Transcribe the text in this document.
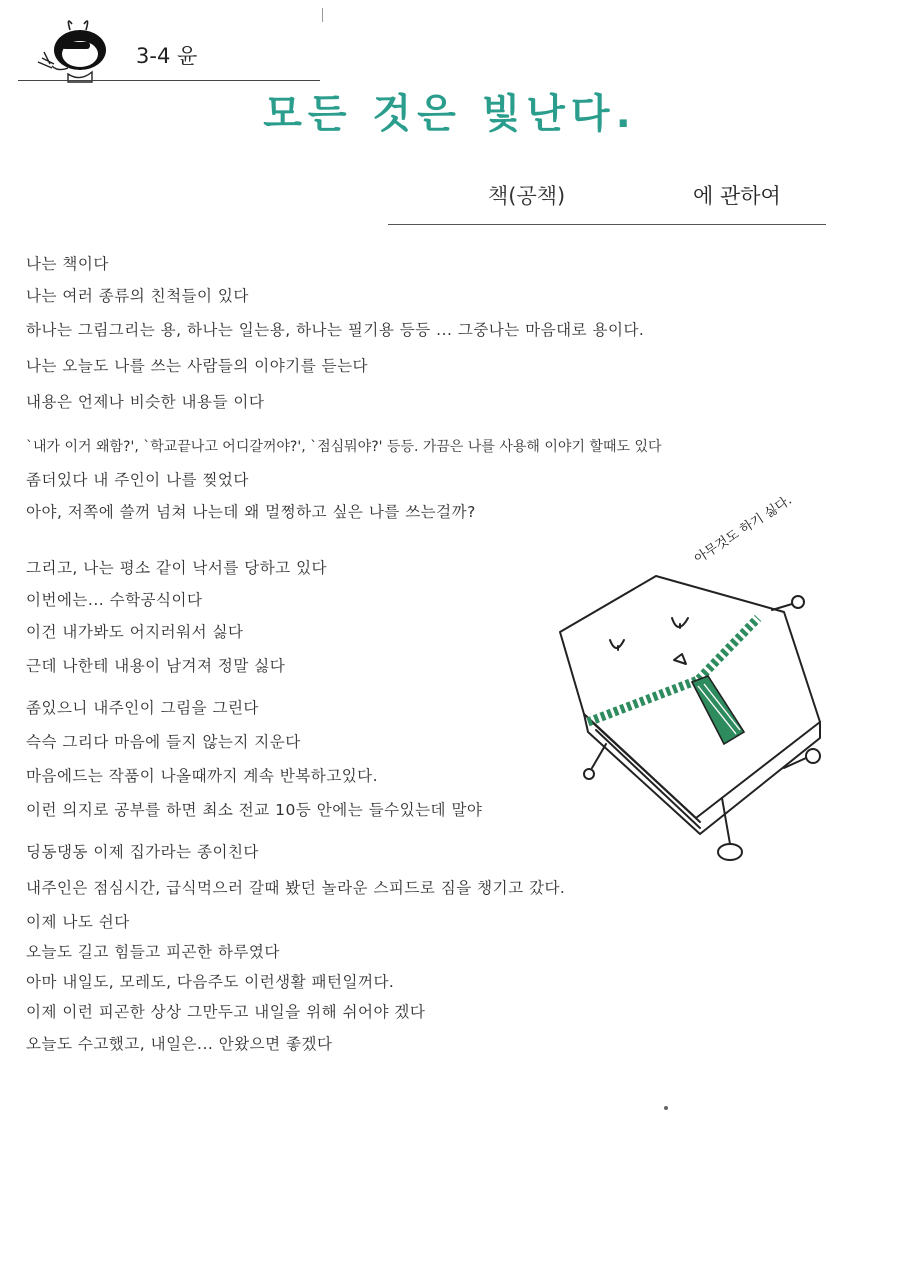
3-4 윤
모든 것은 빛난다.
책(공책)	에 관하여
나는 책이다
나는 여러 종류의 친척들이 있다
하나는 그림그리는 용, 하나는 일는용, 하나는 필기용 등등 ... 그중나는 마음대로 용이다.
나는 오늘도 나를 쓰는 사람들의 이야기를 듣는다
내용은 언제나 비슷한 내용들 이다
`내가 이거 왜함?', `학교끝나고 어디갈꺼야?', `점심뭐야?' 등등. 가끔은 나를 사용해 이야기 할때도 있다
좀더있다 내 주인이 나를 찢었다
아야, 저쪽에 쓸꺼 넘쳐 나는데 왜 멀쩡하고 싶은 나를 쓰는걸까?
그리고, 나는 평소 같이 낙서를 당하고 있다
이번에는... 수학공식이다
이건 내가봐도 어지러워서 싫다
근데 나한테 내용이 남겨져 정말 싫다
좀있으니 내주인이 그림을 그린다
슥슥 그리다 마음에 들지 않는지 지운다
마음에드는 작품이 나올때까지 계속 반복하고있다.
이런 의지로 공부를 하면 최소 전교 10등 안에는 들수있는데 말야
딩동댕동 이제 집가라는 종이친다
내주인은 점심시간, 급식먹으러 갈때 봤던 놀라운 스피드로 짐을 챙기고 갔다.
이제 나도 쉰다
오늘도 길고 힘들고 피곤한 하루였다
아마 내일도, 모레도, 다음주도 이런생활 패턴일꺼다.
이제 이런 피곤한 상상 그만두고 내일을 위해 쉬어야 겠다
오늘도 수고했고, 내일은... 안왔으면 좋겠다
아무것도 하기 싫다.
